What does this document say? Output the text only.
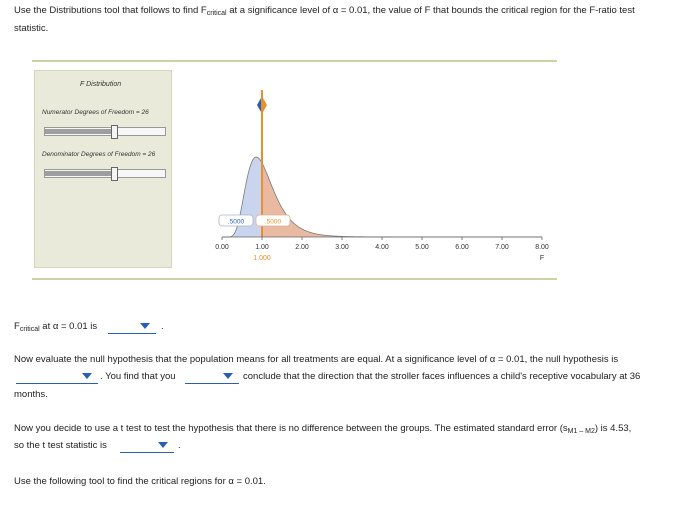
Use the Distributions tool that follows to find $F_{critical}$ at a significance level of α = 0.01, the value of F that bounds the critical region for the F-ratio test
statistic.
F Distribution
Numerator Degrees of Freedom = 26
Denominator Degrees of Freedom = 26
.5000	.5000
0.00	1.00	2.00	3.00	4.00	5.00	6.00	7.00	8.00
F
1.000
$F_{critical}$ at α = 0.01 is	.
Now evaluate the null hypothesis that the population means for all treatments are equal. At a significance level of α = 0.01, the null hypothesis is
. You find that you	conclude that the direction that the stroller faces influences a child's receptive vocabulary at 36
months.
Now you decide to use a t test to test the hypothesis that there is no difference between the groups. The estimated standard error $(s_{M1 - M2})$ is 4.53,
so the t test statistic is	.
Use the following tool to find the critical regions for α = 0.01.
